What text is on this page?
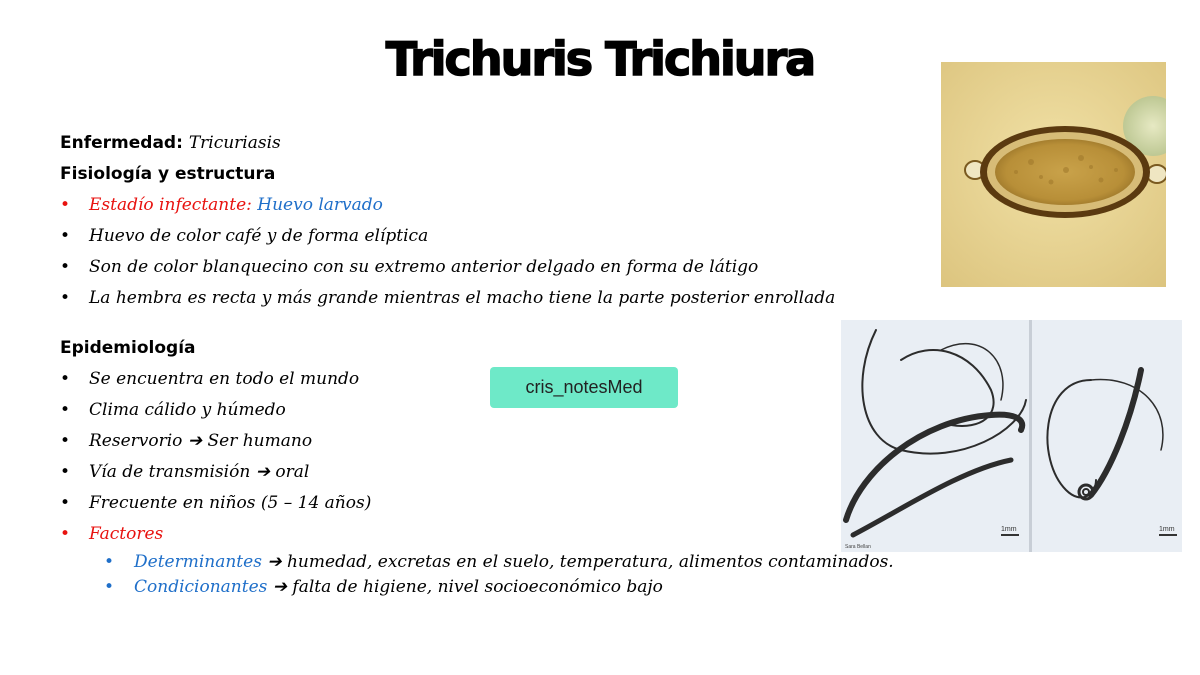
Trichuris Trichiura
Enfermedad: Tricuriasis
Fisiología y estructura
• Estadío infectante: Huevo larvado
• Huevo de color café y de forma elíptica
• Son de color blanquecino con su extremo anterior delgado en forma de látigo
• La hembra es recta y más grande mientras el macho tiene la parte posterior enrollada
Epidemiología
• Se encuentra en todo el mundo
• Clima cálido y húmedo
• Reservorio ➔ Ser humano
• Vía de transmisión ➔ oral
• Frecuente en niños (5 – 14 años)
• Factores
• Determinantes ➔ humedad, excretas en el suelo, temperatura, alimentos contaminados.
• Condicionantes ➔ falta de higiene, nivel socioeconómico bajo
cris_notesMed
1mm	1mm
Sara Bellan
